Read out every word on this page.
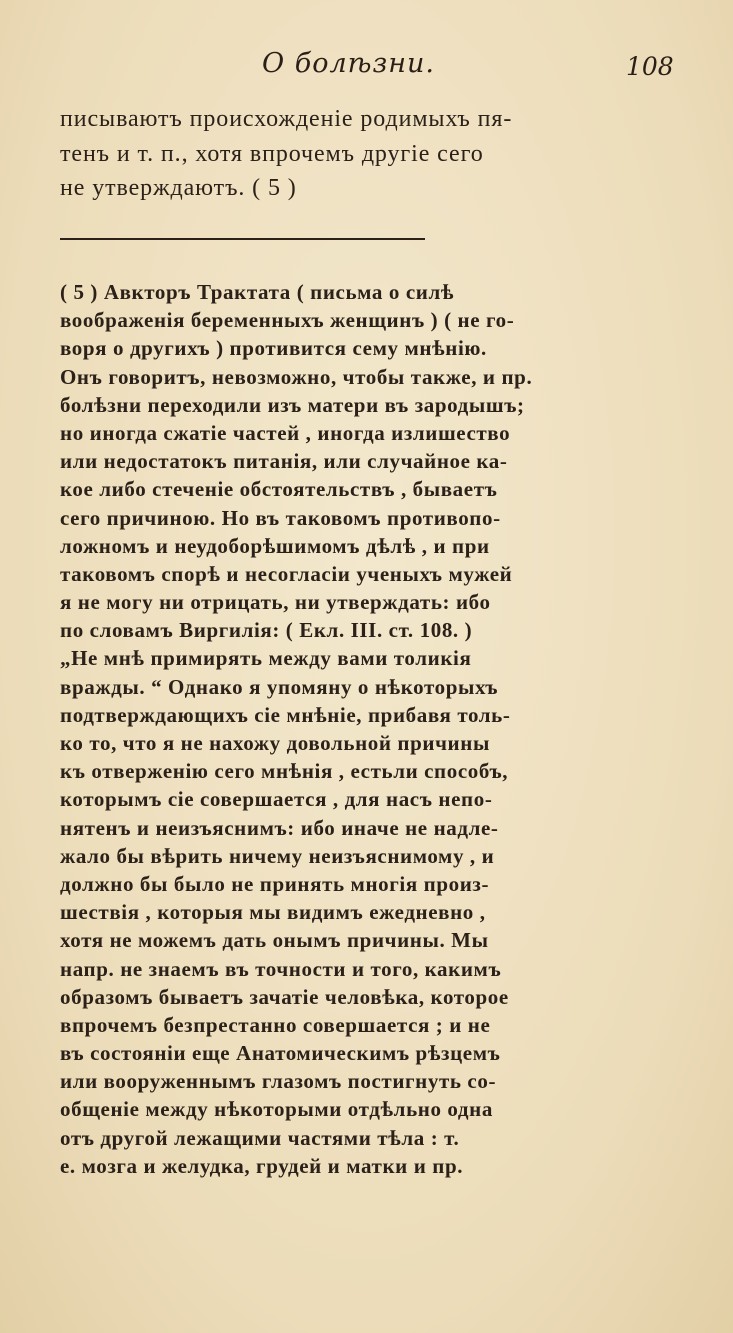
О болѣзни.	108
писываютъ происхожденіе родимыхъ пя-
тенъ и т. п., хотя впрочемъ другіе сего
не утверждаютъ. ( 5 )
( 5 ) Авкторъ Трактата ( письма о силѣ
воображенія беременныхъ женщинъ ) ( не го-
воря о другихъ ) противится сему мнѣнію.
Онъ говоритъ, невозможно, чтобы также, и пр.
болѣзни переходили изъ матери въ зародышъ;
но иногда сжатіе частей , иногда излишество
или недостатокъ питанія, или случайное ка-
кое либо стеченіе обстоятельствъ , бываетъ
сего причиною. Но въ таковомъ противопо-
ложномъ и неудоборѣшимомъ дѣлѣ , и при
таковомъ спорѣ и несогласіи ученыхъ мужей
я не могу ни отрицать, ни утверждать: ибо
по словамъ Виргилія: ( Екл. III. ст. 108. )
„Не мнѣ примирять между вами толикія
вражды. “ Однако я упомяну о нѣкоторыхъ
подтверждающихъ сіе мнѣніе, прибавя толь-
ко то, что я не нахожу довольной причины
къ отверженію сего мнѣнія , естьли способъ,
которымъ сіе совершается , для насъ непо-
нятенъ и неизъяснимъ: ибо иначе не надле-
жало бы вѣрить ничему неизъяснимому , и
должно бы было не принять многія произ-
шествія , которыя мы видимъ ежедневно ,
хотя не можемъ дать онымъ причины. Мы
напр. не знаемъ въ точности и того, какимъ
образомъ бываетъ зачатіе человѣка, которое
впрочемъ безпрестанно совершается ; и не
въ состояніи еще Анатомическимъ рѣзцемъ
или вооруженнымъ глазомъ постигнуть со-
общеніе между нѣкоторыми отдѣльно одна
отъ другой лежащими частями тѣла : т.
е. мозга и желудка, грудей и матки и пр.
